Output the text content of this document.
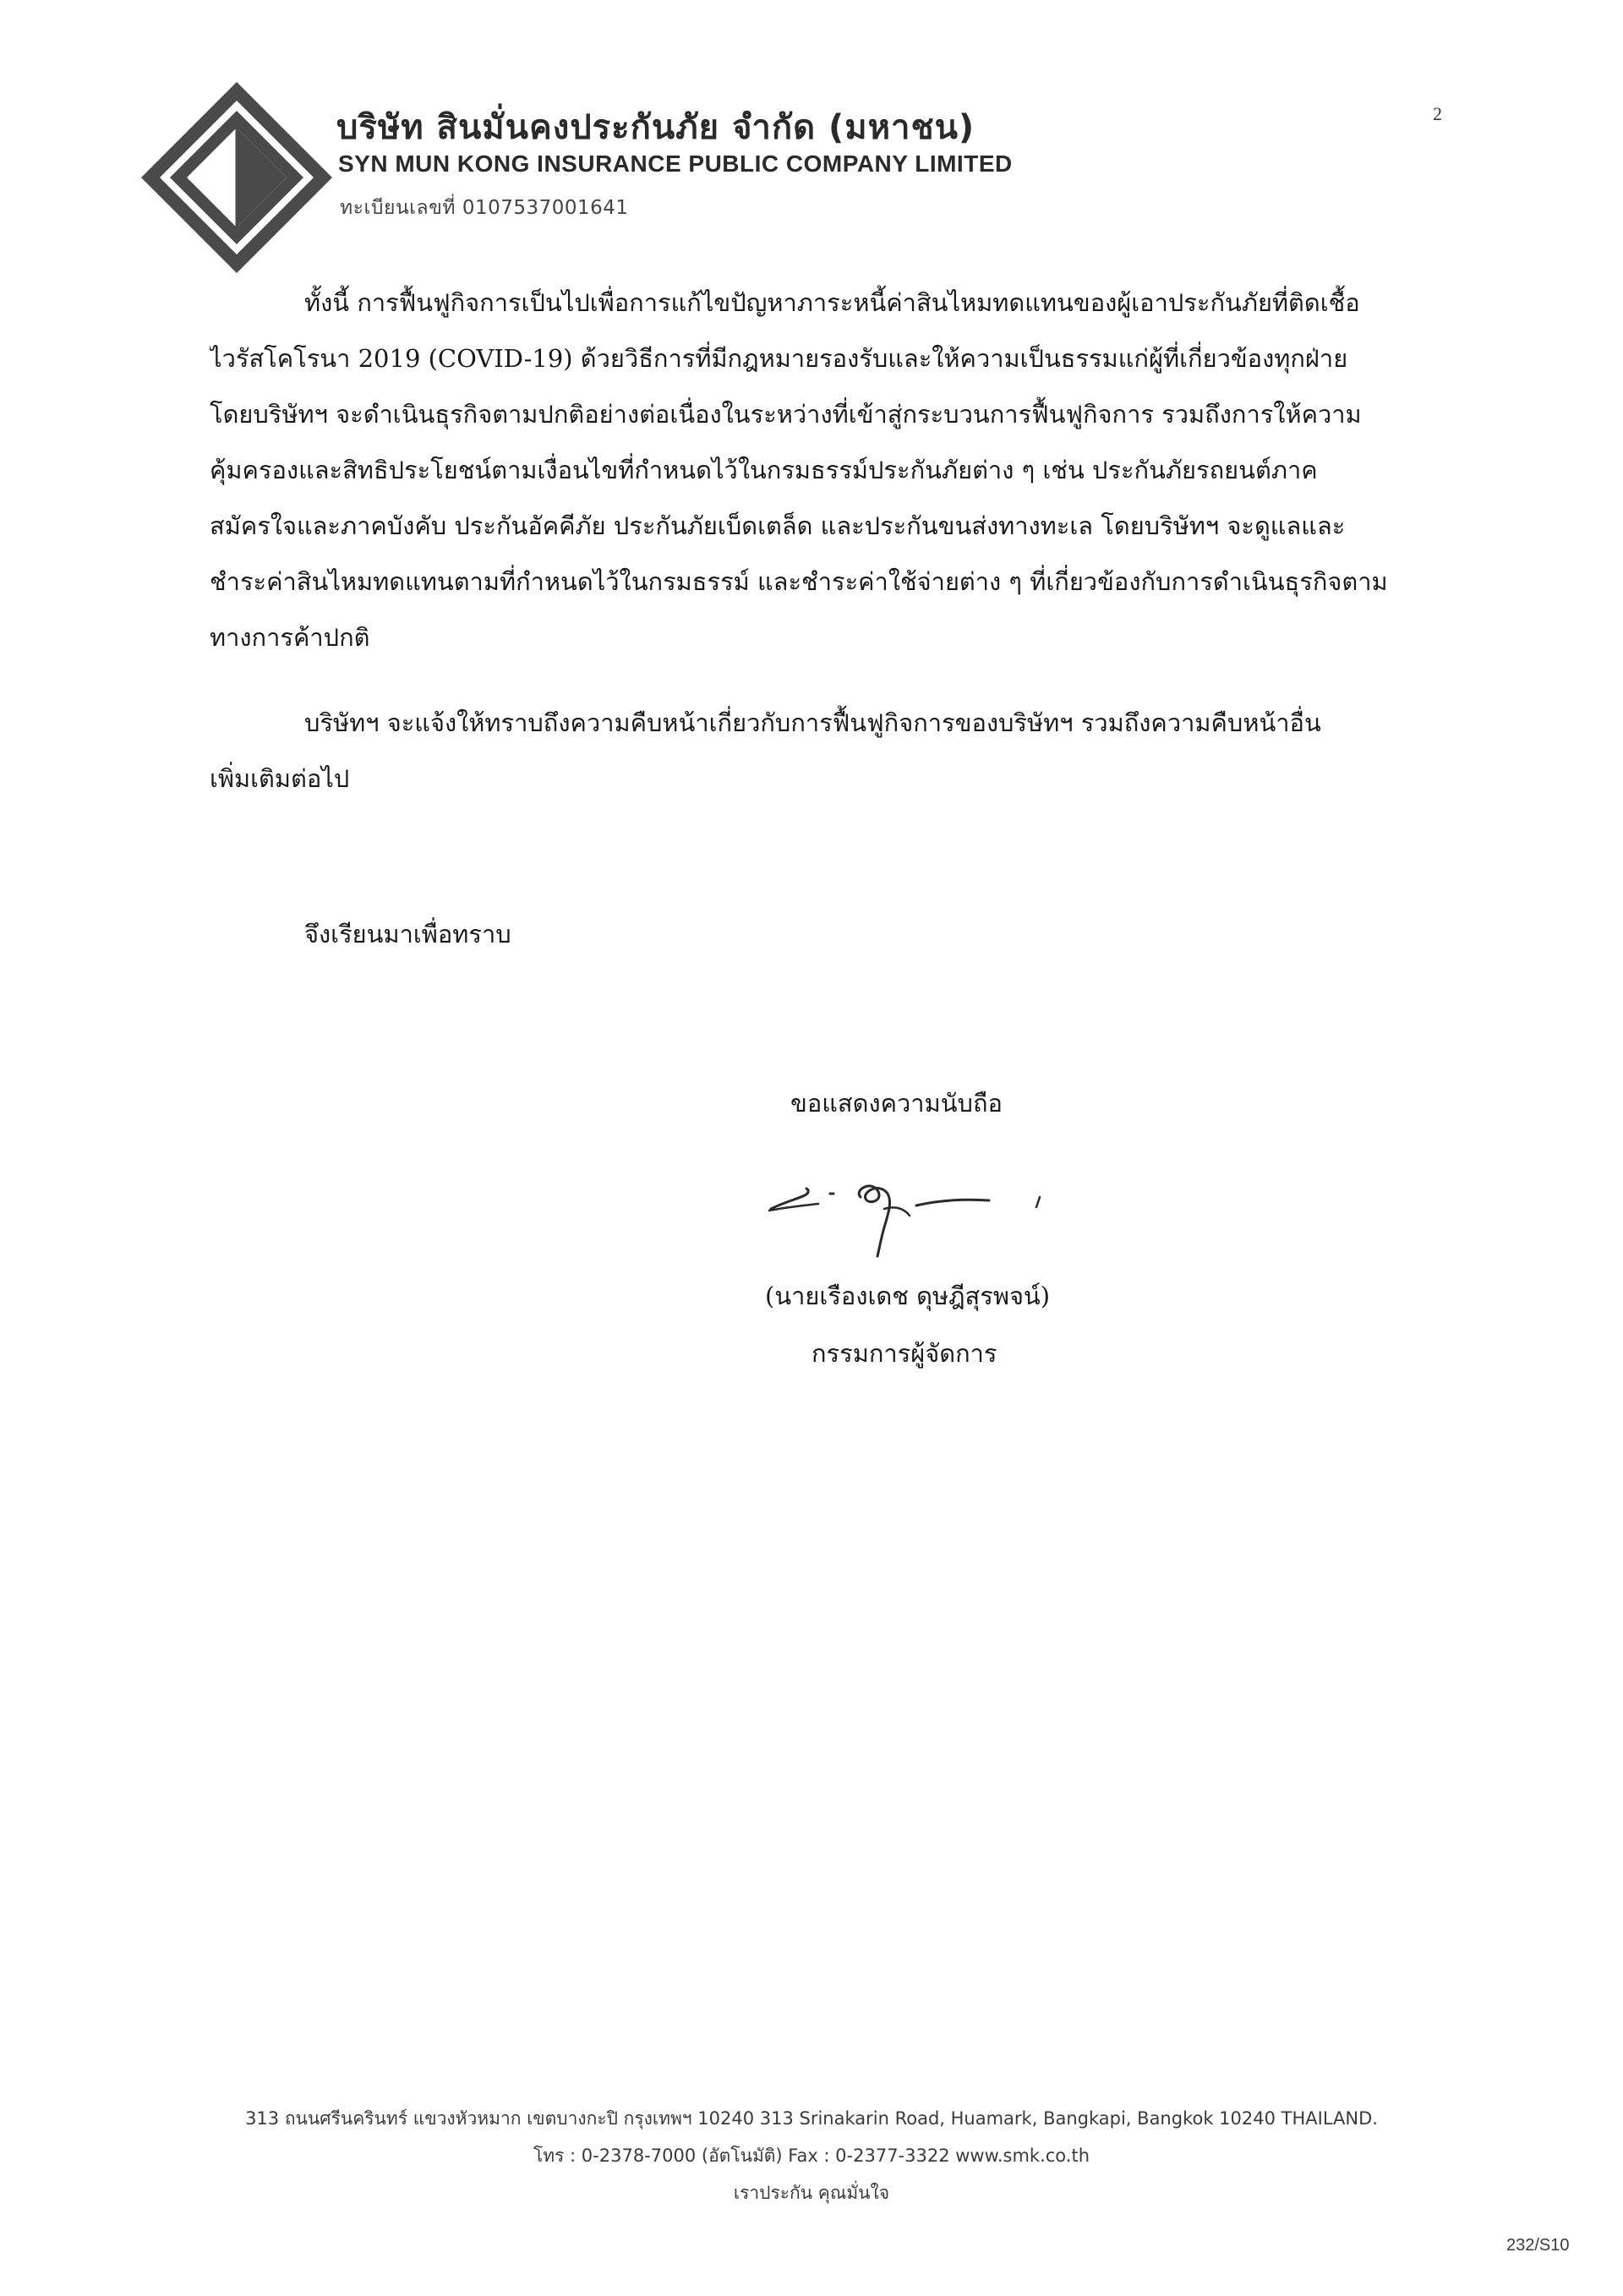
บริษัท สินมั่นคงประกันภัย จำกัด (มหาชน)
SYN MUN KONG INSURANCE PUBLIC COMPANY LIMITED
ทะเบียนเลขที่ 0107537001641
2
ทั้งนี้ การฟื้นฟูกิจการเป็นไปเพื่อการแก้ไขปัญหาภาระหนี้ค่าสินไหมทดแทนของผู้เอาประกันภัยที่ติดเชื้อ
ไวรัสโคโรนา 2019 (COVID-19) ด้วยวิธีการที่มีกฎหมายรองรับและให้ความเป็นธรรมแก่ผู้ที่เกี่ยวข้องทุกฝ่าย
โดยบริษัทฯ จะดำเนินธุรกิจตามปกติอย่างต่อเนื่องในระหว่างที่เข้าสู่กระบวนการฟื้นฟูกิจการ รวมถึงการให้ความ
คุ้มครองและสิทธิประโยชน์ตามเงื่อนไขที่กำหนดไว้ในกรมธรรม์ประกันภัยต่าง ๆ เช่น ประกันภัยรถยนต์ภาค
สมัครใจและภาคบังคับ ประกันอัคคีภัย ประกันภัยเบ็ดเตล็ด และประกันขนส่งทางทะเล โดยบริษัทฯ จะดูแลและ
ชำระค่าสินไหมทดแทนตามที่กำหนดไว้ในกรมธรรม์ และชำระค่าใช้จ่ายต่าง ๆ ที่เกี่ยวข้องกับการดำเนินธุรกิจตาม
ทางการค้าปกติ
บริษัทฯ จะแจ้งให้ทราบถึงความคืบหน้าเกี่ยวกับการฟื้นฟูกิจการของบริษัทฯ รวมถึงความคืบหน้าอื่น
เพิ่มเติมต่อไป
จึงเรียนมาเพื่อทราบ
ขอแสดงความนับถือ
(นายเรืองเดช ดุษฎีสุรพจน์)
กรรมการผู้จัดการ
313 ถนนศรีนครินทร์ แขวงหัวหมาก เขตบางกะปิ กรุงเทพฯ 10240 313 Srinakarin Road, Huamark, Bangkapi, Bangkok 10240 THAILAND.
โทร : 0-2378-7000 (อัตโนมัติ) Fax : 0-2377-3322 www.smk.co.th
เราประกัน คุณมั่นใจ
232/S10
